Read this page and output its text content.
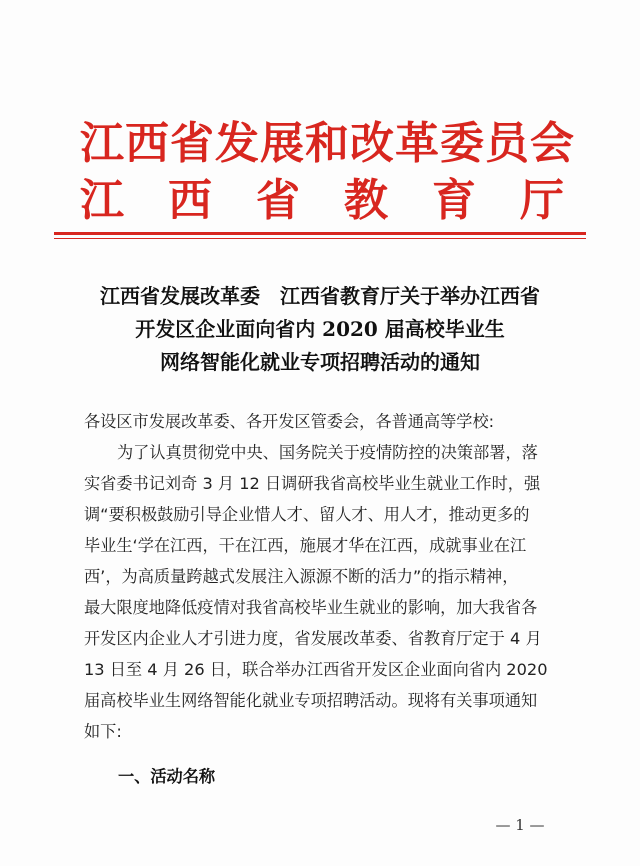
江西省发展和改革委员会
江西省教育厅
江西省发展改革委　江西省教育厅关于举办江西省
开发区企业面向省内 2020 届高校毕业生
网络智能化就业专项招聘活动的通知
各设区市发展改革委、各开发区管委会，各普通高等学校:
为了认真贯彻党中央、国务院关于疫情防控的决策部署，落
实省委书记刘奇 3 月 12 日调研我省高校毕业生就业工作时，强
调“要积极鼓励引导企业惜人才、留人才、用人才，推动更多的
毕业生‘学在江西，干在江西，施展才华在江西，成就事业在江
西’，为高质量跨越式发展注入源源不断的活力”的指示精神，
最大限度地降低疫情对我省高校毕业生就业的影响，加大我省各
开发区内企业人才引进力度，省发展改革委、省教育厅定于 4 月
13 日至 4 月 26 日，联合举办江西省开发区企业面向省内 2020
届高校毕业生网络智能化就业专项招聘活动。现将有关事项通知
如下:
一、活动名称
— 1 —
